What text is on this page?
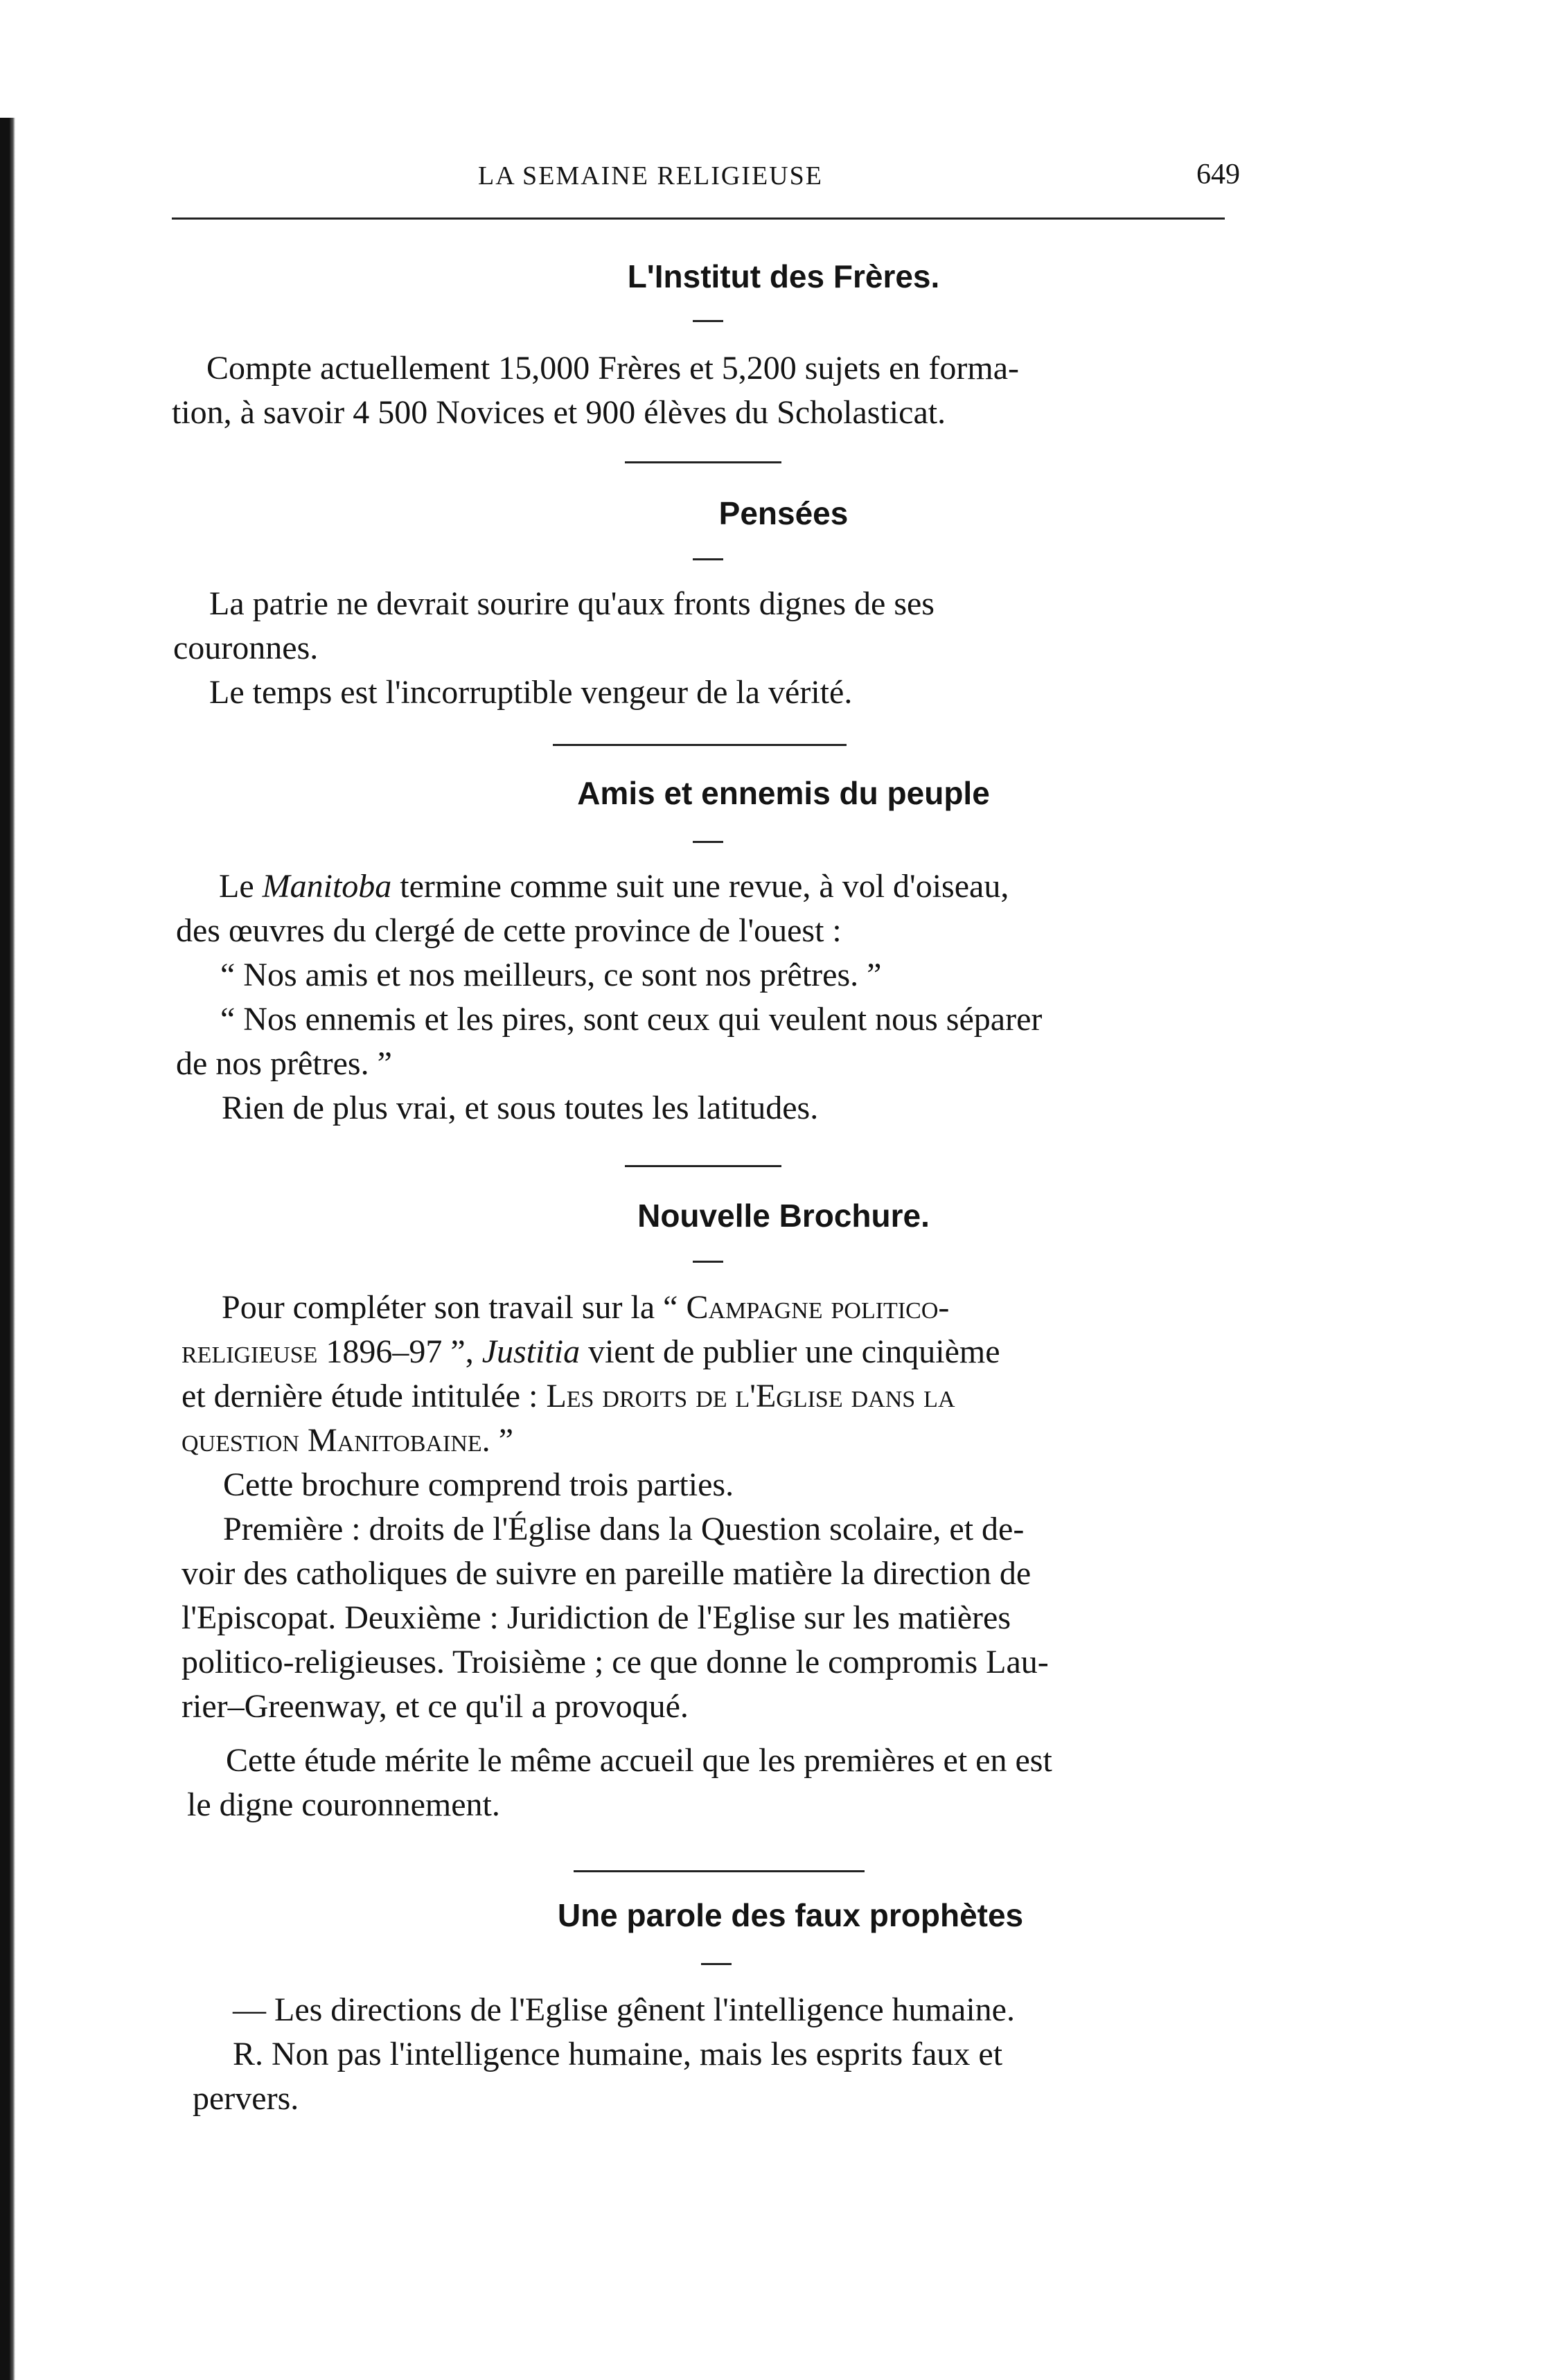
LA SEMAINE RELIGIEUSE	649
L'Institut des Frères.
Compte actuellement 15,000 Frères et 5,200 sujets en forma-
tion, à savoir 4 500 Novices et 900 élèves du Scholasticat.
Pensées
La patrie ne devrait sourire qu'aux fronts dignes de ses
couronnes.
Le temps est l'incorruptible vengeur de la vérité.
Amis et ennemis du peuple
Le Manitoba termine comme suit une revue, à vol d'oiseau,
des œuvres du clergé de cette province de l'ouest :
“ Nos amis et nos meilleurs, ce sont nos prêtres. ”
“ Nos ennemis et les pires, sont ceux qui veulent nous séparer
de nos prêtres. ”
Rien de plus vrai, et sous toutes les latitudes.
Nouvelle Brochure.
Pour compléter son travail sur la “ Campagne politico-
religieuse 1896–97 ”, Justitia vient de publier une cinquième
et dernière étude intitulée : Les droits de l'Eglise dans la
question Manitobaine. ”
Cette brochure comprend trois parties.
Première : droits de l'Église dans la Question scolaire, et de-
voir des catholiques de suivre en pareille matière la direction de
l'Episcopat. Deuxième : Juridiction de l'Eglise sur les matières
politico-religieuses. Troisième ; ce que donne le compromis Lau-
rier–Greenway, et ce qu'il a provoqué.
Cette étude mérite le même accueil que les premières et en est
le digne couronnement.
Une parole des faux prophètes
— Les directions de l'Eglise gênent l'intelligence humaine.
R. Non pas l'intelligence humaine, mais les esprits faux et
pervers.
